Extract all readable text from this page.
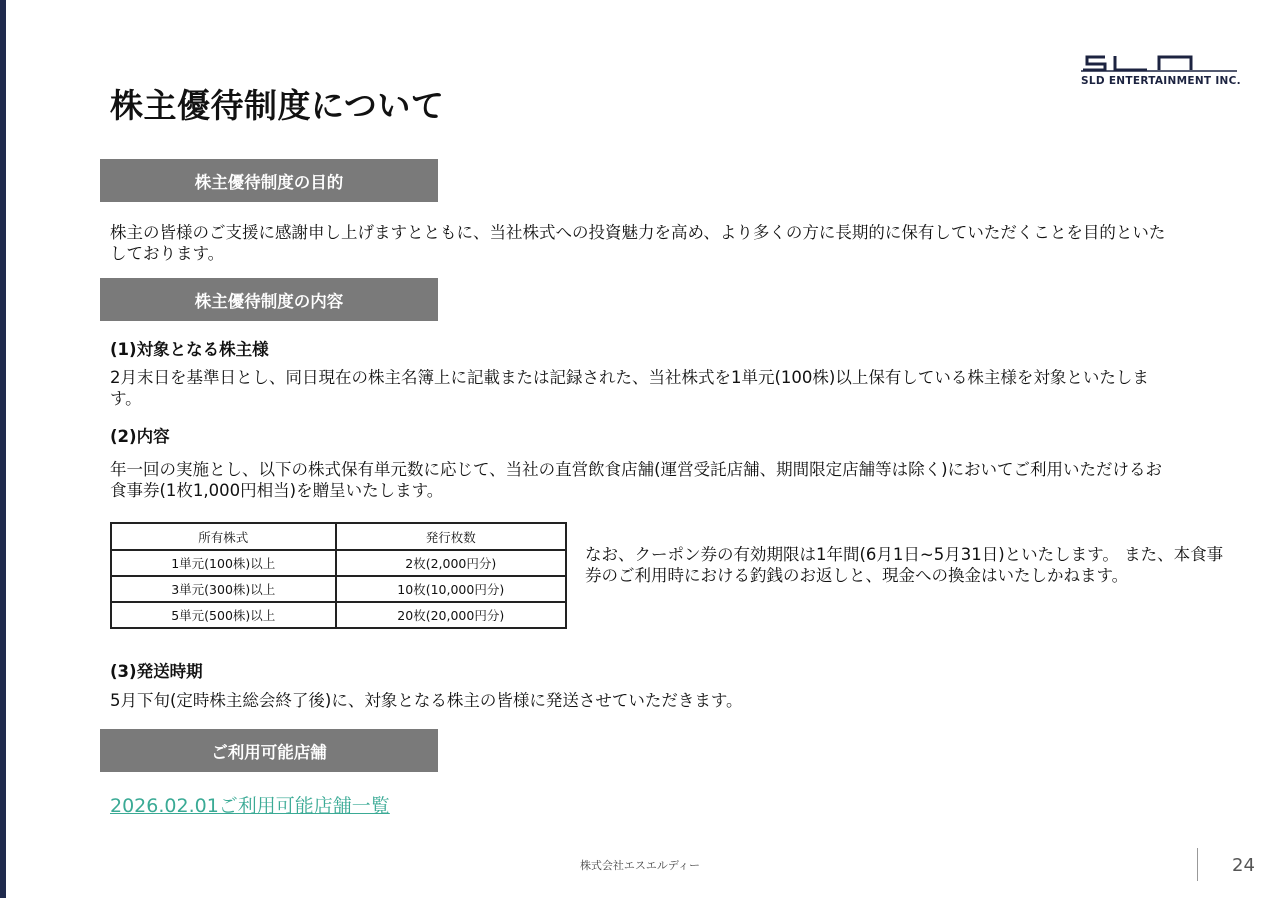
株主優待制度について
SLD ENTERTAINMENT INC.
株主優待制度の目的

株主の皆様のご支援に感謝申し上げますとともに、当社株式への投資魅力を高め、より多くの方に長期的に保有していただくことを目的といたしております。

株主優待制度の内容

(1)対象となる株主様

2月末日を基準日とし、同日現在の株主名簿上に記載または記録された、当社株式を1単元(100株)以上保有している株主様を対象といたします。

(2)内容

年一回の実施とし、以下の株式保有単元数に応じて、当社の直営飲食店舗(運営受託店舗、期間限定店舗等は除く)においてご利用いただけるお食事券(1枚1,000円相当)を贈呈いたします。

所有株式	発行枚数
1単元(100株)以上	2枚(2,000円分)
3単元(300株)以上	10枚(10,000円分)
5単元(500株)以上	20枚(20,000円分)

なお、クーポン券の有効期限は1年間(6月1日~5月31日)といたします。 また、本食事券のご利用時における釣銭のお返しと、現金への換金はいたしかねます。

(3)発送時期

5月下旬(定時株主総会終了後)に、対象となる株主の皆様に発送させていただきます。

ご利用可能店舗
2026.02.01ご利用可能店舗一覧
株式会社エスエルディー	24
